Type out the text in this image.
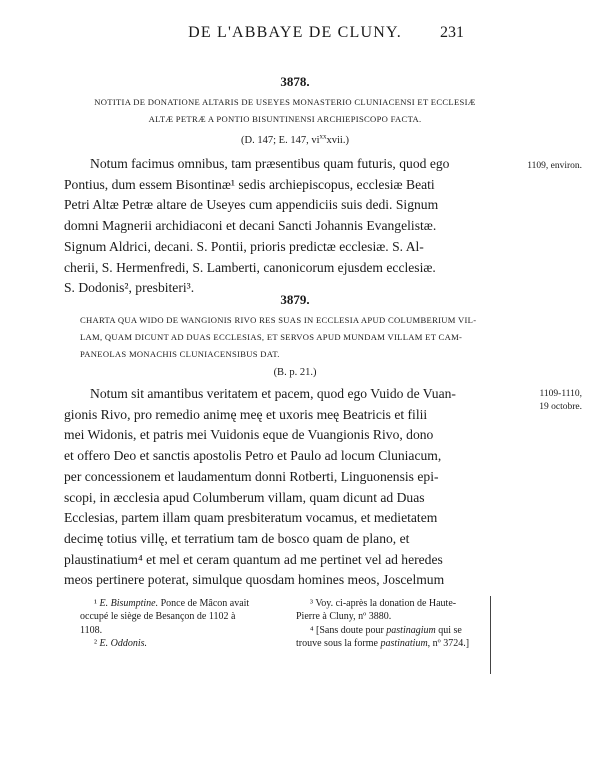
DE L'ABBAYE DE CLUNY.	231
3878.
NOTITIA DE DONATIONE ALTARIS DE USEYES MONASTERIO CLUNIACENSI ET ECCLESIÆ
ALTÆ PETRÆ A PONTIO BISUNTINENSI ARCHIEPISCOPO FACTA.
(D. 147; E. 147, $vi^{xx}xvii$.)
1109, environ.
Notum facimus omnibus, tam præsentibus quam futuris, quod ego
Pontius, dum essem Bisontinæ¹ sedis archiepiscopus, ecclesiæ Beati
Petri Altæ Petræ altare de Useyes cum appendiciis suis dedi. Signum
domni Magnerii archidiaconi et decani Sancti Johannis Evangelistæ.
Signum Aldrici, decani. S. Pontii, prioris predictæ ecclesiæ. S. Al-
cherii, S. Hermenfredi, S. Lamberti, canonicorum ejusdem ecclesiæ.
S. Dodonis², presbiteri³.
3879.
CHARTA QUA WIDO DE WANGIONIS RIVO RES SUAS IN ECCLESIA APUD COLUMBERIUM VIL-
LAM, QUAM DICUNT AD DUAS ECCLESIAS, ET SERVOS APUD MUNDAM VILLAM ET CAM-
PANEOLAS MONACHIS CLUNIACENSIBUS DAT.
(B. p. 21.)
1109-1110,
19 octobre.
Notum sit amantibus veritatem et pacem, quod ego Vuido de Vuan-
gionis Rivo, pro remedio animę meę et uxoris meę Beatricis et filii
mei Widonis, et patris mei Vuidonis eque de Vuangionis Rivo, dono
et offero Deo et sanctis apostolis Petro et Paulo ad locum Cluniacum,
per concessionem et laudamentum donni Rotberti, Linguonensis epi-
scopi, in æcclesia apud Columberum villam, quam dicunt ad Duas
Ecclesias, partem illam quam presbiteratum vocamus, et medietatem
decimę totius villę, et terratium tam de bosco quam de plano, et
plaustinatium⁴ et mel et ceram quantum ad me pertinet vel ad heredes
meos pertinere poterat, simulque quosdam homines meos, Joscelmum
¹ E. Bisumptine. Ponce de Mâcon avait
occupé le siège de Besançon de 1102 à
1108.
² E. Oddonis.
³ Voy. ci-après la donation de Haute-
Pierre à Cluny, nº 3880.
⁴ [Sans doute pour pastinagium qui se
trouve sous la forme pastinatium, nº 3724.]
